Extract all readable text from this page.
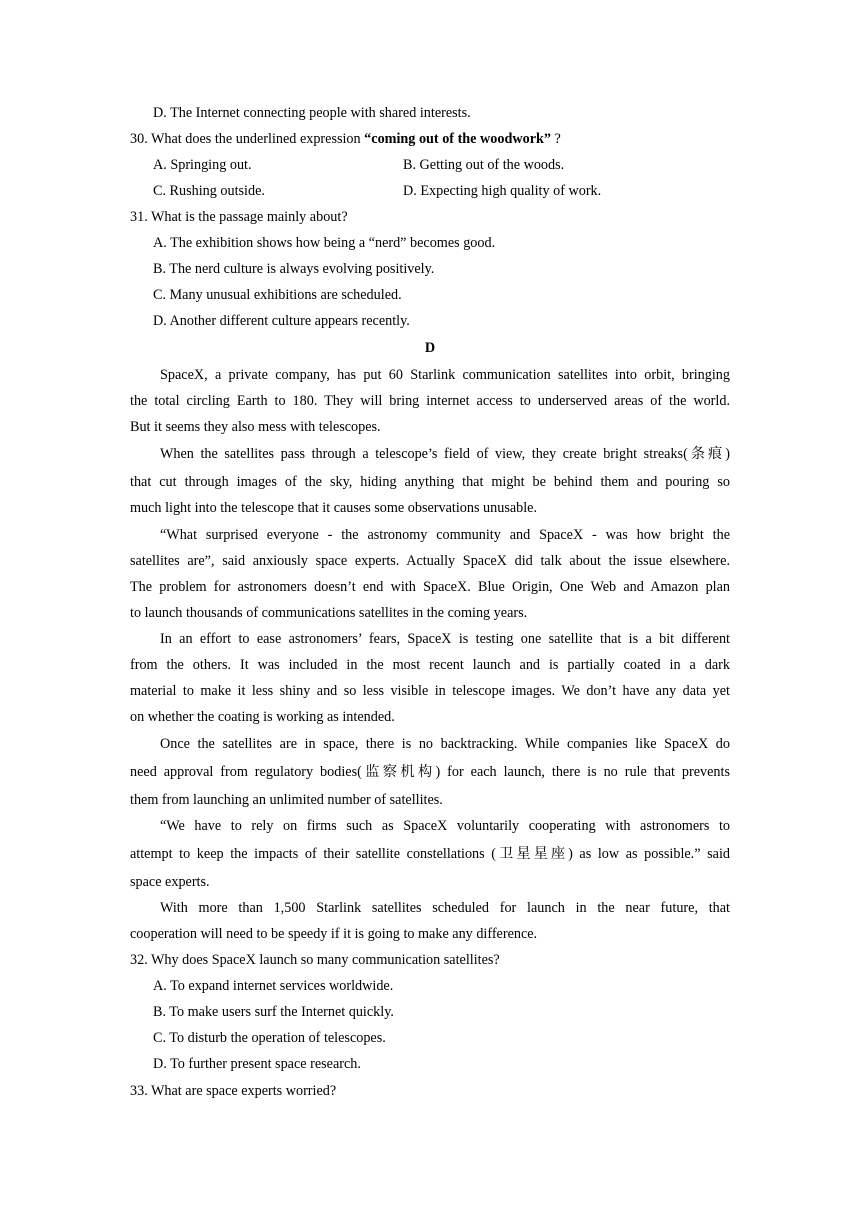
D. The Internet connecting people with shared interests.
30. What does the underlined expression “coming out of the woodwork” ?
A. Springing out.	B. Getting out of the woods.
C. Rushing outside.	D. Expecting high quality of work.
31. What is the passage mainly about?
A. The exhibition shows how being a “nerd” becomes good.
B. The nerd culture is always evolving positively.
C. Many unusual exhibitions are scheduled.
D. Another different culture appears recently.
D
SpaceX, a private company, has put 60 Starlink communication satellites into orbit, bringing
the total circling Earth to 180. They will bring internet access to underserved areas of the world.
But it seems they also mess with telescopes.
When the satellites pass through a telescope’s field of view, they create bright streaks(条痕)
that cut through images of the sky, hiding anything that might be behind them and pouring so
much light into the telescope that it causes some observations unusable.
“What surprised everyone - the astronomy community and SpaceX - was how bright the
satellites are”, said anxiously space experts. Actually SpaceX did talk about the issue elsewhere.
The problem for astronomers doesn’t end with SpaceX. Blue Origin, One Web and Amazon plan
to launch thousands of communications satellites in the coming years.
In an effort to ease astronomers’ fears, SpaceX is testing one satellite that is a bit different
from the others. It was included in the most recent launch and is partially coated in a dark
material to make it less shiny and so less visible in telescope images. We don’t have any data yet
on whether the coating is working as intended.
Once the satellites are in space, there is no backtracking. While companies like SpaceX do
need approval from regulatory bodies(监察机构) for each launch, there is no rule that prevents
them from launching an unlimited number of satellites.
“We have to rely on firms such as SpaceX voluntarily cooperating with astronomers to
attempt to keep the impacts of their satellite constellations (卫星星座) as low as possible.” said
space experts.
With more than 1,500 Starlink satellites scheduled for launch in the near future, that
cooperation will need to be speedy if it is going to make any difference.
32. Why does SpaceX launch so many communication satellites?
A. To expand internet services worldwide.
B. To make users surf the Internet quickly.
C. To disturb the operation of telescopes.
D. To further present space research.
33. What are space experts worried?
